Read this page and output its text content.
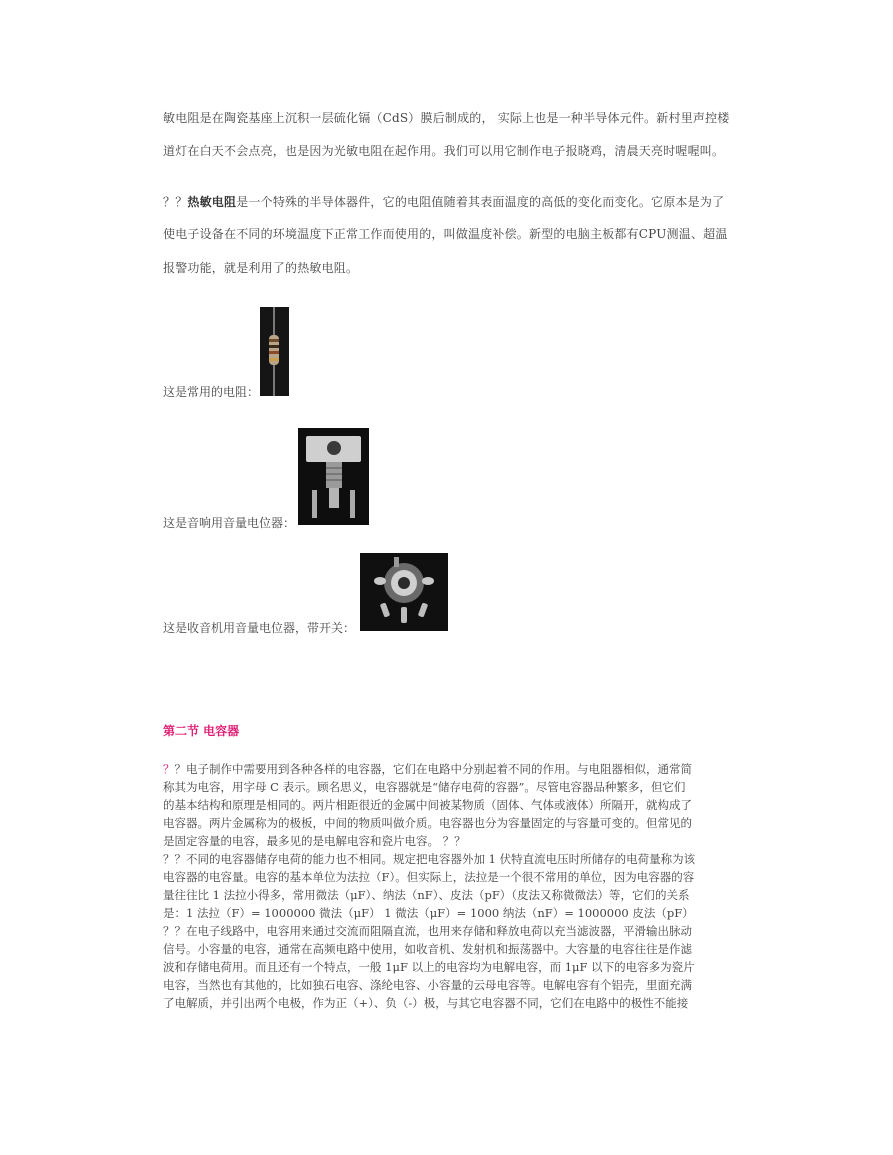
敏电阻是在陶瓷基座上沉积一层硫化镉（CdS）膜后制成的， 实际上也是一种半导体元件。新村里声控楼
道灯在白天不会点亮，也是因为光敏电阻在起作用。我们可以用它制作电子报晓鸡，清晨天亮时喔喔叫。
？？热敏电阻是一个特殊的半导体器件，它的电阻值随着其表面温度的高低的变化而变化。它原本是为了
使电子设备在不同的环境温度下正常工作而使用的，叫做温度补偿。新型的电脑主板都有CPU测温、超温
报警功能，就是利用了的热敏电阻。
这是常用的电阻：
这是音响用音量电位器：
这是收音机用音量电位器，带开关：
第二节 电容器
？？电子制作中需要用到各种各样的电容器，它们在电路中分别起着不同的作用。与电阻器相似，通常简
称其为电容，用字母 C 表示。顾名思义，电容器就是“储存电荷的容器”。尽管电容器品种繁多，但它们
的基本结构和原理是相同的。两片相距很近的金属中间被某物质（固体、气体或液体）所隔开，就构成了
电容器。两片金属称为的极板，中间的物质叫做介质。电容器也分为容量固定的与容量可变的。但常见的
是固定容量的电容，最多见的是电解电容和瓷片电容。 ？？
？？不同的电容器储存电荷的能力也不相同。规定把电容器外加 1 伏特直流电压时所储存的电荷量称为该
电容器的电容量。电容的基本单位为法拉（F）。但实际上，法拉是一个很不常用的单位，因为电容器的容
量往往比 1 法拉小得多，常用微法（μF）、纳法（nF）、皮法（pF）（皮法又称微微法）等，它们的关系
是：1 法拉（F）= 1000000 微法（μF） 1 微法（μF）= 1000 纳法（nF）= 1000000 皮法（pF）
？？在电子线路中，电容用来通过交流而阻隔直流，也用来存储和释放电荷以充当滤波器，平滑输出脉动
信号。小容量的电容，通常在高频电路中使用，如收音机、发射机和振荡器中。大容量的电容往往是作滤
波和存储电荷用。而且还有一个特点，一般 1μF 以上的电容均为电解电容，而 1μF 以下的电容多为瓷片
电容，当然也有其他的，比如独石电容、涤纶电容、小容量的云母电容等。电解电容有个铝壳，里面充满
了电解质，并引出两个电极，作为正（+）、负（-）极，与其它电容器不同，它们在电路中的极性不能接
